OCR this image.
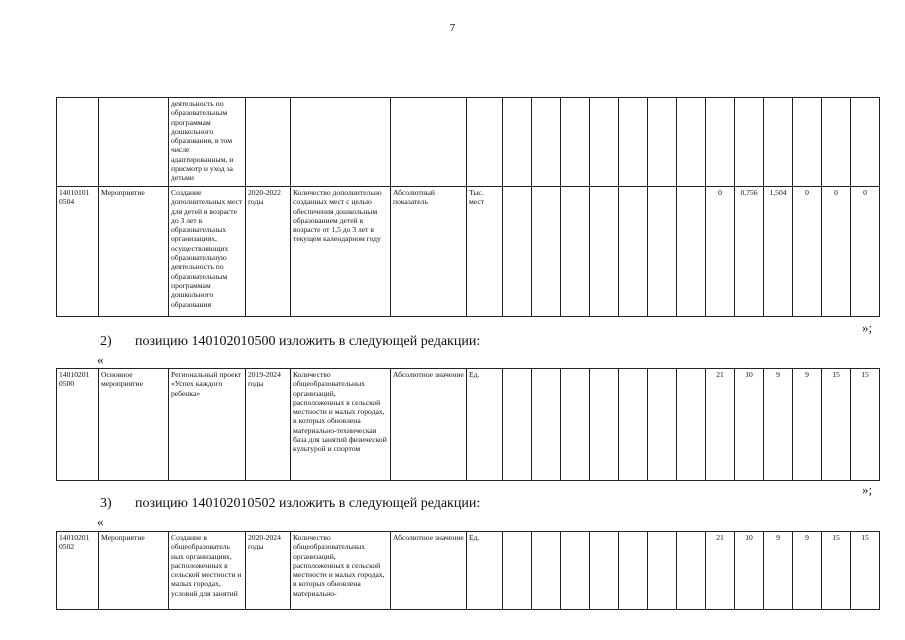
7
		деятельность по образовательным программам дошкольного образования, в том числе адаптированным, и присмотр и уход за детьми																	
14010101 0504	Мероприятие	Создание дополнительных мест для детей в возрасте до 3 лет в образовательных организациях, осуществляющих образовательную деятельность по образовательным программам дошкольного образования	2020-2022 годы	Количество дополнительно созданных мест с целью обеспечения дошкольным образованием детей в возрасте от 1,5 до 3 лет в текущем календарном году	Абсолютный показатель	Тыс. мест								0	0,756	1,504	0	0	0
»;
2) позицию 140102010500 изложить в следующей редакции:
«
14010201 0500	Основное мероприятие	Региональный проект «Успех каждого ребенка»	2019-2024 годы	Количество общеобразовательных организаций, расположенных в сельской местности и малых городах, в которых обновлена материально-техническая база для занятий физической культурой и спортом	Абсолютное значение	Ед.								21	10	9	9	15	15
»;
3) позицию 140102010502 изложить в следующей редакции:
«
14010201 0502	Мероприятие	Создание в общеобразователь ных организациях, расположенных в сельской местности и малых городах, условий для занятий	2020-2024 годы	Количество общеобразовательных организаций, расположенных в сельской местности и малых городах, в которых обновлена материально-	Абсолютное значение	Ед.								21	10	9	9	15	15
